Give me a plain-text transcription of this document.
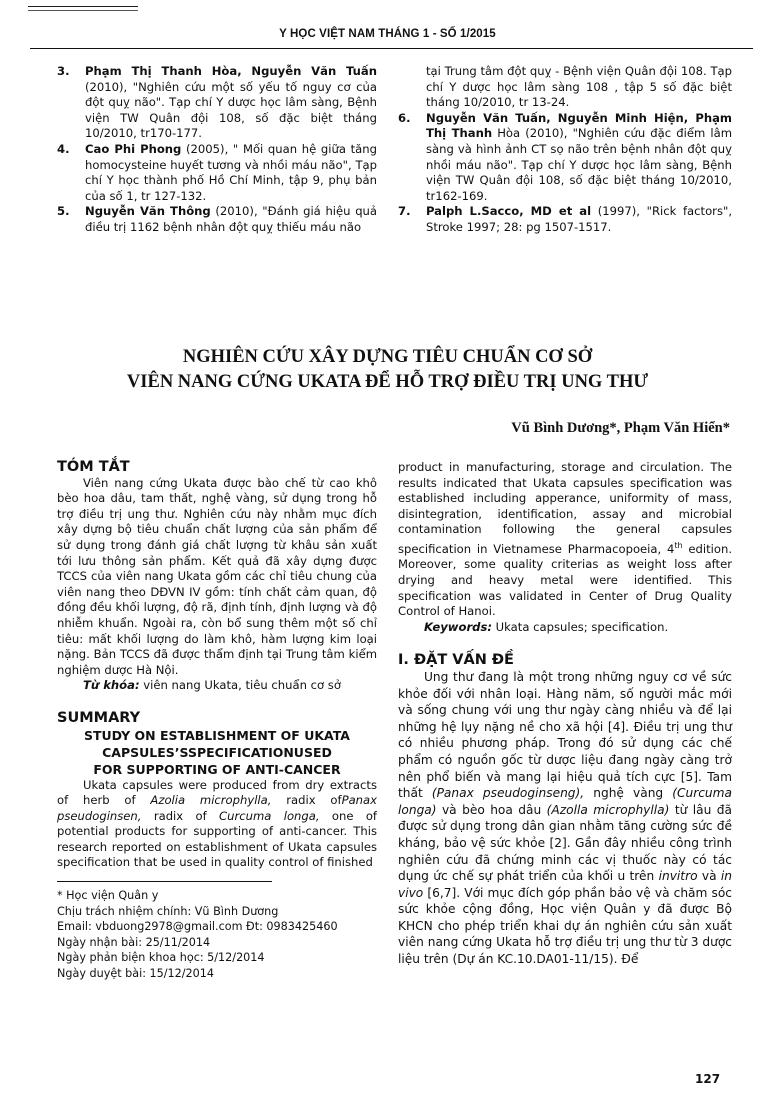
Y HỌC VIỆT NAM THÁNG 1 - SỐ 1/2015

3. Phạm Thị Thanh Hòa, Nguyễn Văn Tuấn (2010), "Nghiên cứu một số yếu tố nguy cơ của đột quỵ não". Tạp chí Y dược học lâm sàng, Bệnh viện TW Quân đội 108, số đặc biệt tháng 10/2010, tr170-177.

4. Cao Phi Phong (2005), " Mối quan hệ giữa tăng homocysteine huyết tương và nhồi máu não", Tạp chí Y học thành phố Hồ Chí Minh, tập 9, phụ bản của số 1, tr 127-132.

5. Nguyễn Văn Thông (2010), "Đánh giá hiệu quả điều trị 1162 bệnh nhân đột quỵ thiếu máu não

tại Trung tâm đột quỵ - Bệnh viện Quân đội 108. Tạp chí Y dược học lâm sàng 108 , tập 5 số đặc biệt tháng 10/2010, tr 13-24.

6. Nguyễn Văn Tuấn, Nguyễn Minh Hiện, Phạm Thị Thanh Hòa (2010), "Nghiên cứu đặc điểm lâm sàng và hình ảnh CT sọ não trên bệnh nhân đột quỵ nhồi máu não". Tạp chí Y dược học lâm sàng, Bệnh viện TW Quân đội 108, số đặc biệt tháng 10/2010, tr162-169.

7. Palph L.Sacco, MD et al (1997), "Rick factors", Stroke 1997; 28: pg 1507-1517.

NGHIÊN CỨU XÂY DỰNG TIÊU CHUẨN CƠ SỞ
VIÊN NANG CỨNG UKATA ĐỂ HỖ TRỢ ĐIỀU TRỊ UNG THƯ
Vũ Bình Dương*, Phạm Văn Hiển*
TÓM TẮT

Viên nang cứng Ukata được bào chế từ cao khô bèo hoa dâu, tam thất, nghệ vàng, sử dụng trong hỗ trợ điều trị ung thư. Nghiên cứu này nhằm mục đích xây dựng bộ tiêu chuẩn chất lượng của sản phẩm để sử dụng trong đánh giá chất lượng từ khâu sản xuất tới lưu thông sản phẩm. Kết quả đã xây dựng được TCCS của viên nang Ukata gồm các chỉ tiêu chung của viên nang theo DĐVN IV gồm: tính chất cảm quan, độ đồng đều khối lượng, độ rã, định tính, định lượng và độ nhiễm khuẩn. Ngoài ra, còn bổ sung thêm một số chỉ tiêu: mất khối lượng do làm khô, hàm lượng kim loại nặng. Bản TCCS đã được thẩm định tại Trung tâm kiểm nghiệm dược Hà Nội.

Từ khóa: viên nang Ukata, tiêu chuẩn cơ sở

SUMMARY
STUDY ON ESTABLISHMENT OF UKATA
CAPSULES’SSPECIFICATIONUSED
FOR SUPPORTING OF ANTI-CANCER

Ukata capsules were produced from dry extracts of herb of Azolia microphylla, radix ofPanax pseudoginsen, radix of Curcuma longa, one of potential products for supporting of anti-cancer. This research reported on establishment of Ukata capsules specification that be used in quality control of finished

* Học viện Quân y
Chịu trách nhiệm chính: Vũ Bình Dương
Email: vbduong2978@gmail.com Đt: 0983425460
Ngày nhận bài: 25/11/2014
Ngày phản biện khoa học: 5/12/2014
Ngày duyệt bài: 15/12/2014

product in manufacturing, storage and circulation. The results indicated that Ukata capsules specification was established including apperance, uniformity of mass, disintegration, identification, assay and microbial contamination following the general capsules specification in Vietnamese Pharmacopoeia, 4th edition. Moreover, some quality criterias as weight loss after drying and heavy metal were identified. This specification was validated in Center of Drug Quality Control of Hanoi.

Keywords: Ukata capsules; specification.

I. ĐẶT VẤN ĐỀ

Ung thư đang là một trong những nguy cơ về sức khỏe đối với nhân loại. Hàng năm, số người mắc mới và sống chung với ung thư ngày càng nhiều và để lại những hệ lụy nặng nề cho xã hội [4]. Điều trị ung thư có nhiều phương pháp. Trong đó sử dụng các chế phẩm có nguồn gốc từ dược liệu đang ngày càng trở nên phổ biến và mang lại hiệu quả tích cực [5]. Tam thất (Panax pseudoginseng), nghệ vàng (Curcuma longa) và bèo hoa dâu (Azolla microphylla) từ lâu đã được sử dụng trong dân gian nhằm tăng cường sức đề kháng, bảo vệ sức khỏe [2]. Gần đây nhiều công trình nghiên cứu đã chứng minh các vị thuốc này có tác dụng ức chế sự phát triển của khối u trên invitro và in vivo [6,7]. Với mục đích góp phần bảo vệ và chăm sóc sức khỏe cộng đồng, Học viện Quân y đã được Bộ KHCN cho phép triển khai dự án nghiên cứu sản xuất viên nang cứng Ukata hỗ trợ điều trị ung thư từ 3 dược liệu trên (Dự án KC.10.DA01-11/15). Để

127
